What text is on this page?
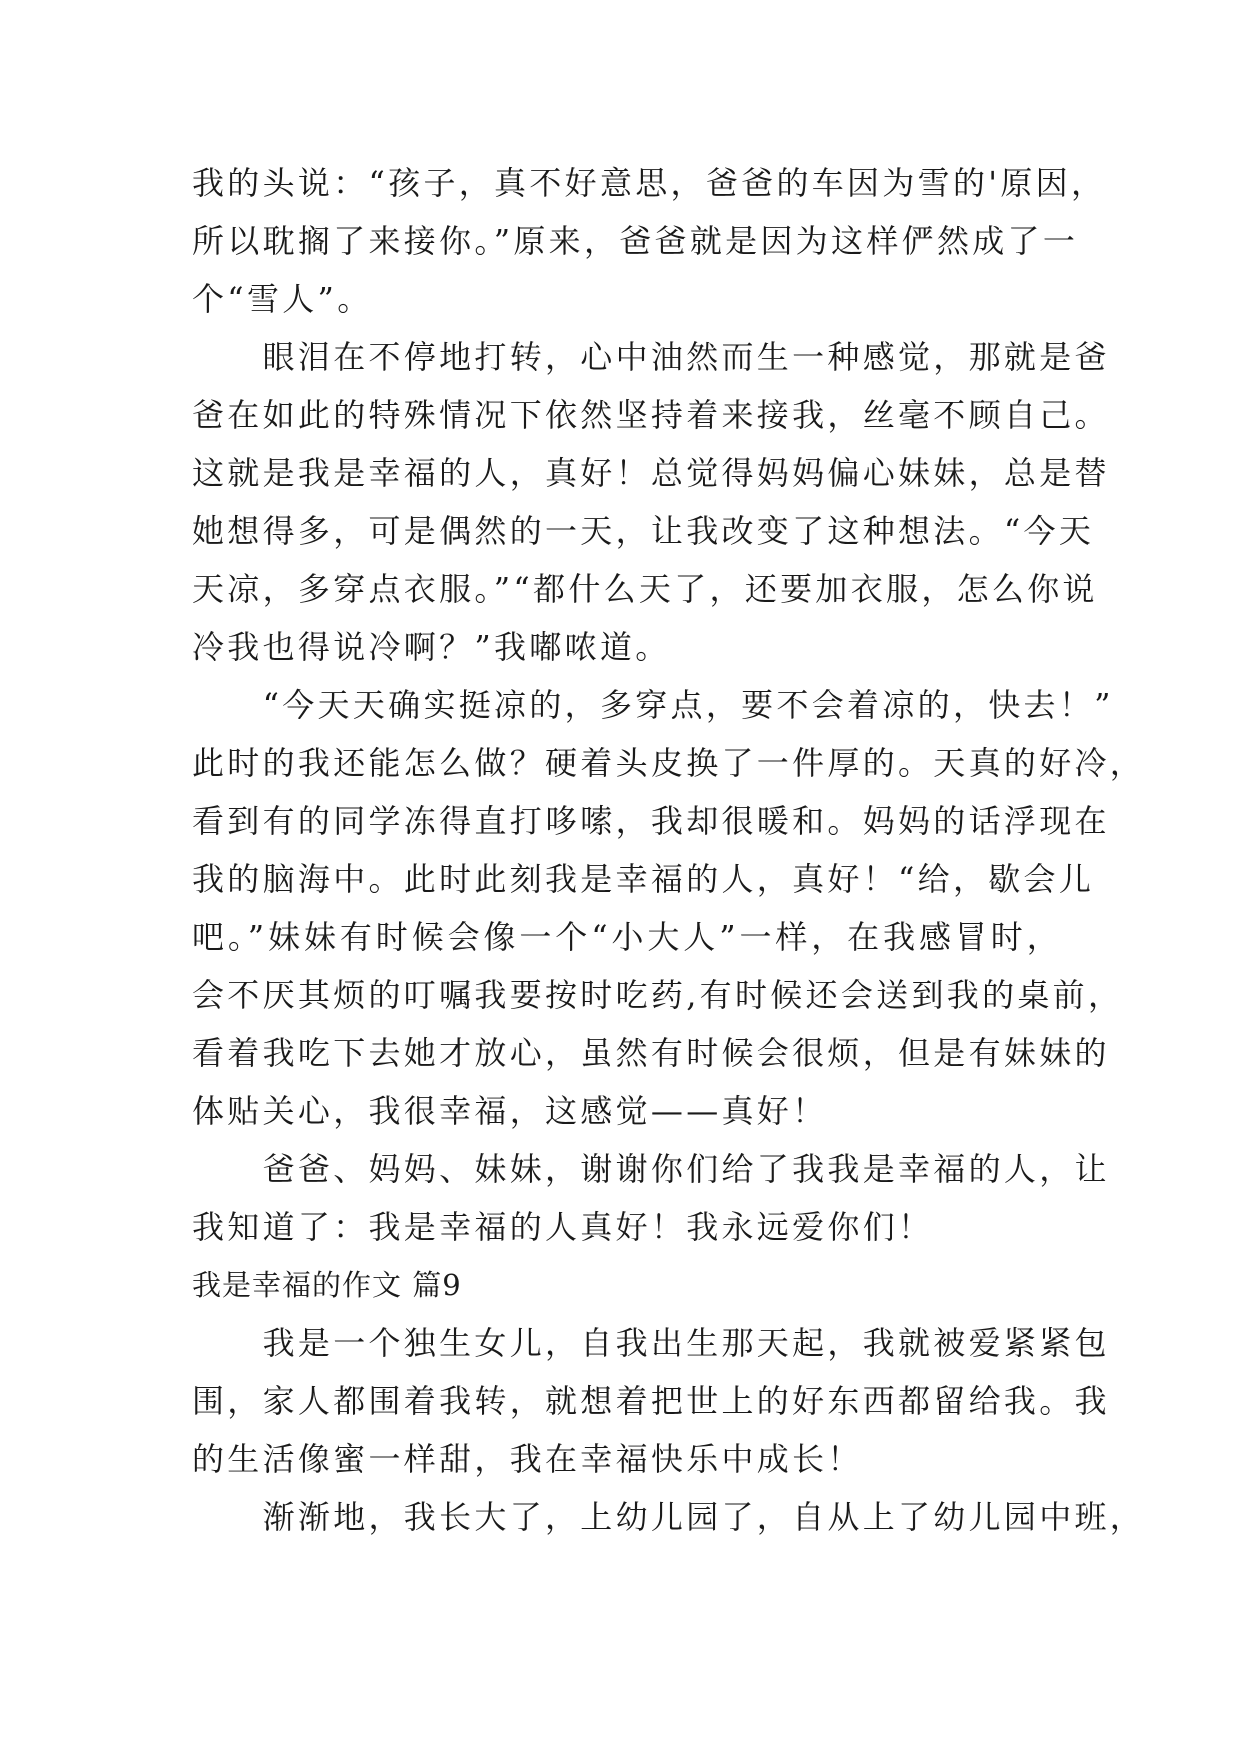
我的头说：“孩子，真不好意思，爸爸的车因为雪的'原因，
所以耽搁了来接你。”原来，爸爸就是因为这样俨然成了一
个“雪人”。
　　眼泪在不停地打转，心中油然而生一种感觉，那就是爸
爸在如此的特殊情况下依然坚持着来接我，丝毫不顾自己。
这就是我是幸福的人，真好！总觉得妈妈偏心妹妹，总是替
她想得多，可是偶然的一天，让我改变了这种想法。“今天
天凉，多穿点衣服。”“都什么天了，还要加衣服，怎么你说
冷我也得说冷啊？”我嘟哝道。
　　“今天天确实挺凉的，多穿点，要不会着凉的，快去！”
此时的我还能怎么做？硬着头皮换了一件厚的。天真的好冷，
看到有的同学冻得直打哆嗦，我却很暖和。妈妈的话浮现在
我的脑海中。此时此刻我是幸福的人，真好！“给，歇会儿
吧。”妹妹有时候会像一个“小大人”一样，在我感冒时，
会不厌其烦的叮嘱我要按时吃药,有时候还会送到我的桌前，
看着我吃下去她才放心，虽然有时候会很烦，但是有妹妹的
体贴关心，我很幸福，这感觉——真好！
　　爸爸、妈妈、妹妹，谢谢你们给了我我是幸福的人，让
我知道了：我是幸福的人真好！我永远爱你们！
我是幸福的作文 篇9
　　我是一个独生女儿，自我出生那天起，我就被爱紧紧包
围，家人都围着我转，就想着把世上的好东西都留给我。我
的生活像蜜一样甜，我在幸福快乐中成长！
　　渐渐地，我长大了，上幼儿园了，自从上了幼儿园中班，
